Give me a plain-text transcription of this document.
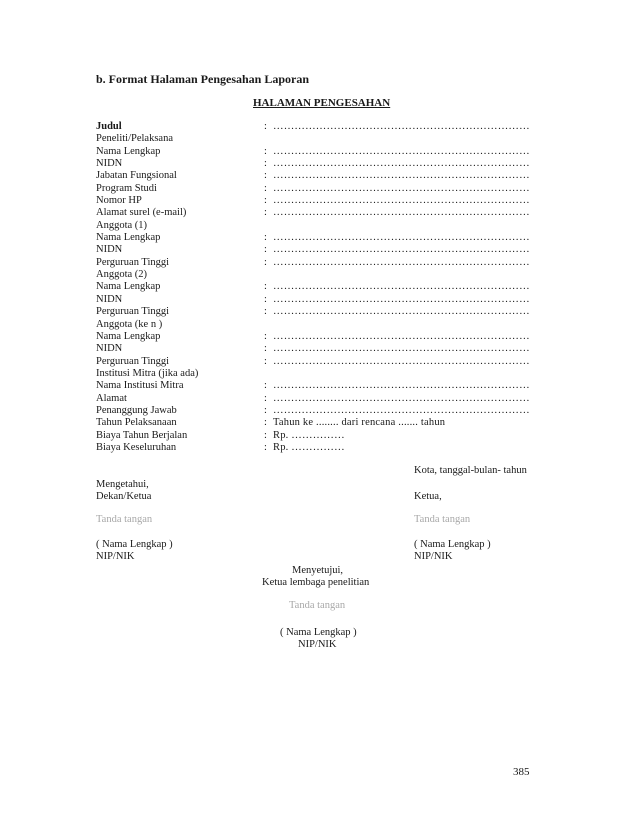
b. Format Halaman Pengesahan Laporan
HALAMAN PENGESAHAN
Judul	: ………………………………………………………………
Peneliti/Pelaksana
Nama Lengkap	: ………………………………………………………………
NIDN	: ………………………………………………………………
Jabatan Fungsional	: ………………………………………………………………
Program Studi	: ………………………………………………………………
Nomor HP	: ………………………………………………………………
Alamat surel (e-mail)	: ………………………………………………………………
Anggota (1)
Nama Lengkap	: ………………………………………………………………
NIDN	: ………………………………………………………………
Perguruan Tinggi	: ………………………………………………………………
Anggota (2)
Nama Lengkap	: ………………………………………………………………
NIDN	: ………………………………………………………………
Perguruan Tinggi	: ………………………………………………………………
Anggota (ke n )
Nama Lengkap	: ………………………………………………………………
NIDN	: ………………………………………………………………
Perguruan Tinggi	: ………………………………………………………………
Institusi Mitra (jika ada)
Nama Institusi Mitra	: ………………………………………………………………
Alamat	: ………………………………………………………………
Penanggung Jawab	: ………………………………………………………………
Tahun Pelaksanaan	: Tahun ke ........ dari rencana ....... tahun
Biaya Tahun Berjalan	: Rp. ……………
Biaya Keseluruhan	: Rp. ……………
Kota, tanggal-bulan- tahun
Mengetahui,
Dekan/Ketua	Ketua,
Tanda tangan	Tanda tangan
( Nama Lengkap )	( Nama Lengkap )
NIP/NIK	NIP/NIK
Menyetujui,
Ketua lembaga penelitian
Tanda tangan
( Nama Lengkap )
NIP/NIK
385
